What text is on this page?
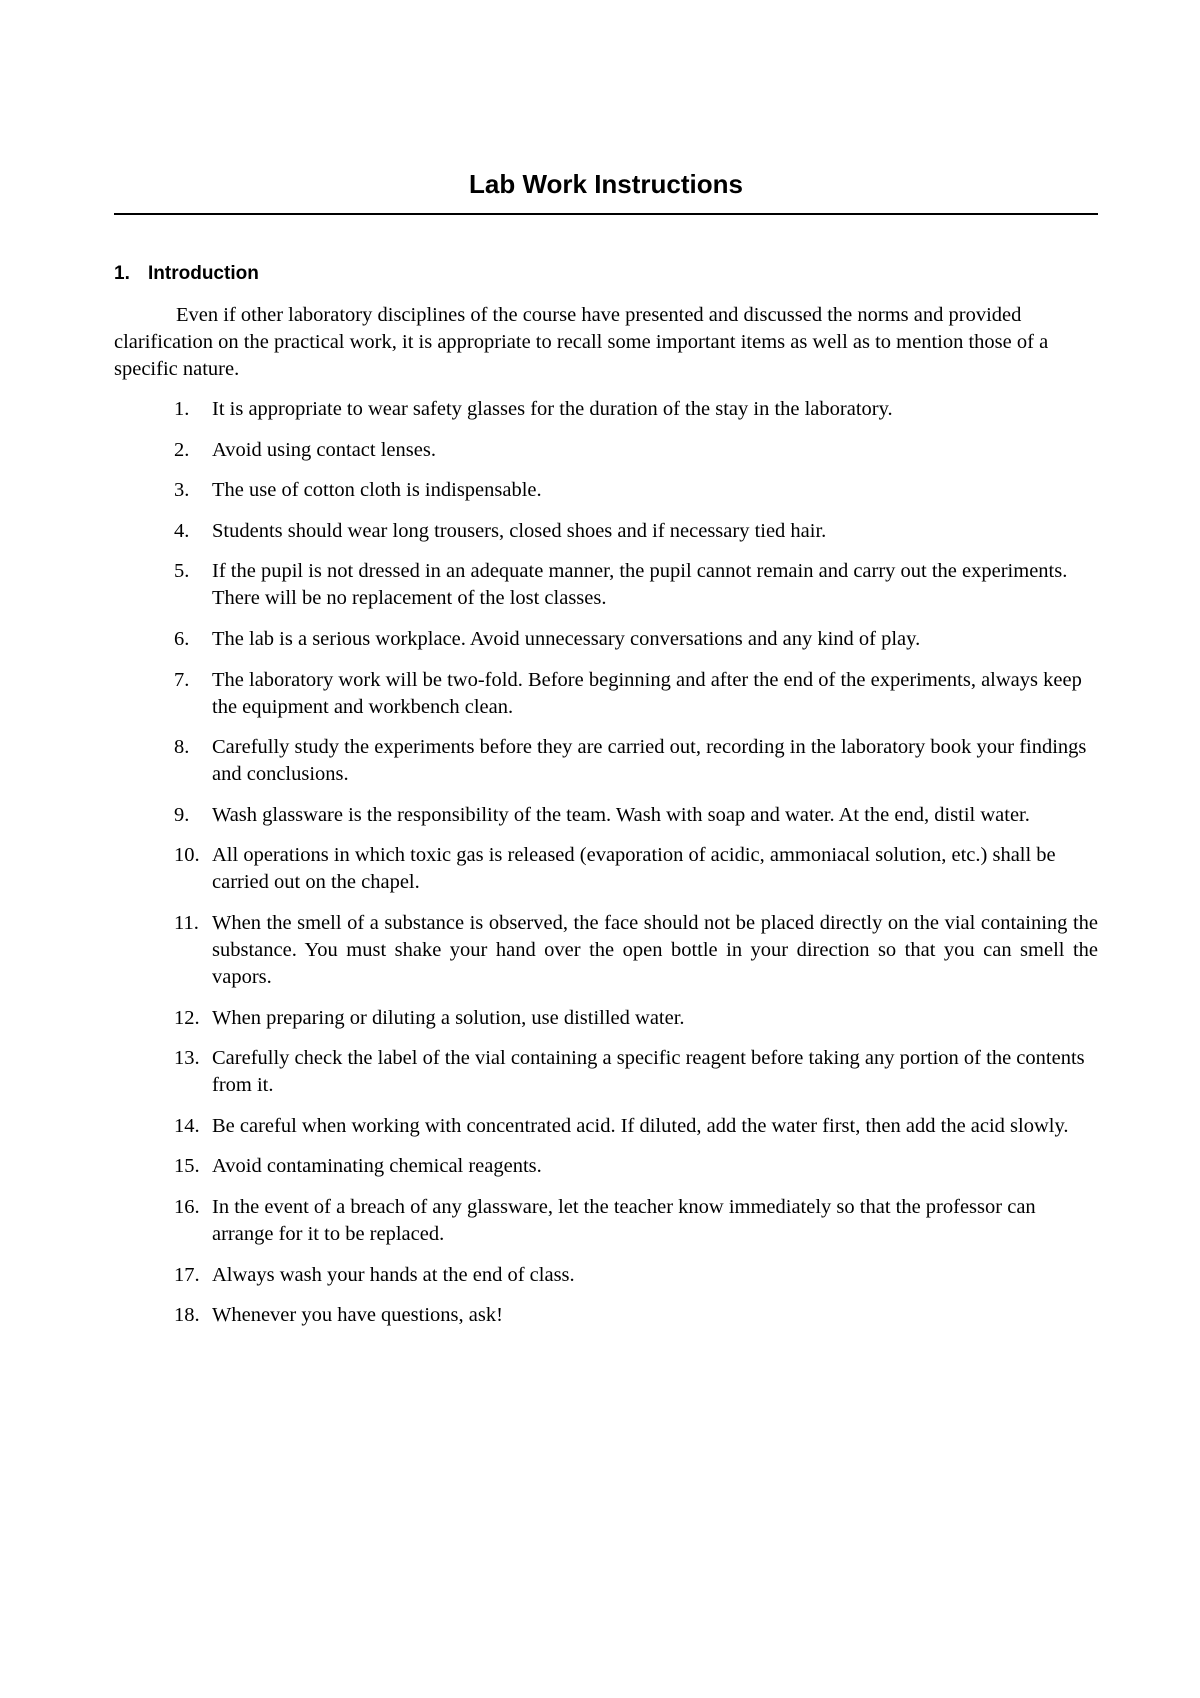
Lab Work Instructions
1. Introduction

Even if other laboratory disciplines of the course have presented and discussed the norms and provided clarification on the practical work, it is appropriate to recall some important items as well as to mention those of a specific nature.

1.	It is appropriate to wear safety glasses for the duration of the stay in the laboratory.
2.	Avoid using contact lenses.
3.	The use of cotton cloth is indispensable.
4.	Students should wear long trousers, closed shoes and if necessary tied hair.
5.	If the pupil is not dressed in an adequate manner, the pupil cannot remain and carry out the experiments. There will be no replacement of the lost classes.
6.	The lab is a serious workplace. Avoid unnecessary conversations and any kind of play.
7.	The laboratory work will be two-fold. Before beginning and after the end of the experiments, always keep the equipment and workbench clean.
8.	Carefully study the experiments before they are carried out, recording in the laboratory book your findings and conclusions.
9.	Wash glassware is the responsibility of the team. Wash with soap and water. At the end, distil water.
10. All operations in which toxic gas is released (evaporation of acidic, ammoniacal solution, etc.) shall be carried out on the chapel.
11. When the smell of a substance is observed, the face should not be placed directly on the vial containing the substance. You must shake your hand over the open bottle in your direction so that you can smell the vapors.
12. When preparing or diluting a solution, use distilled water.
13. Carefully check the label of the vial containing a specific reagent before taking any portion of the contents from it.
14. Be careful when working with concentrated acid. If diluted, add the water first, then add the acid slowly.
15. Avoid contaminating chemical reagents.
16. In the event of a breach of any glassware, let the teacher know immediately so that the professor can arrange for it to be replaced.
17. Always wash your hands at the end of class.
18. Whenever you have questions, ask!
